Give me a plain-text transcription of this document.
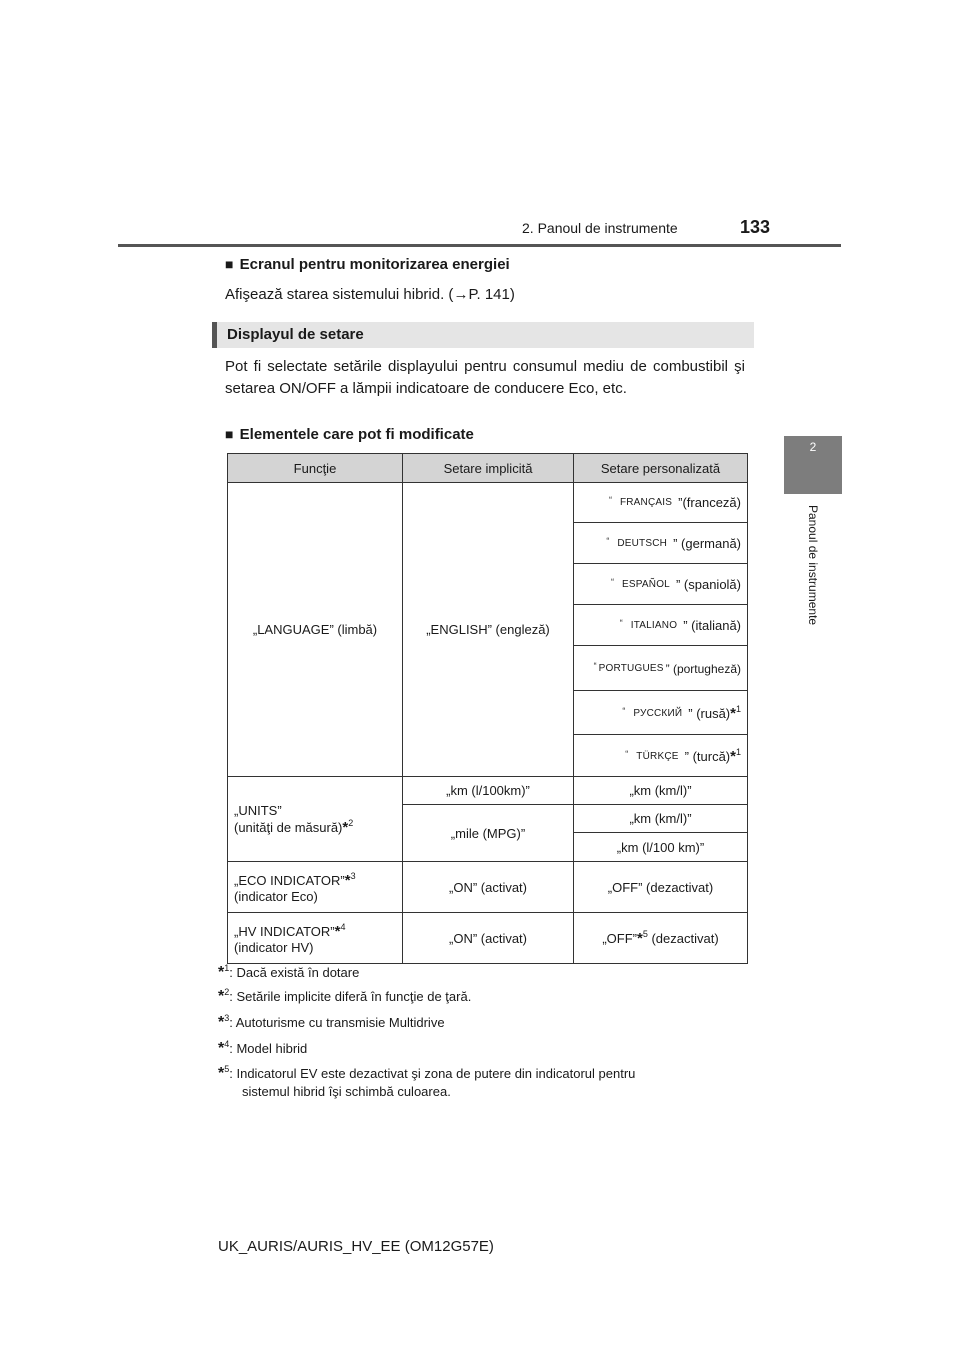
2. Panoul de instrumente	133
2
Panoul de instrumente
■ Ecranul pentru monitorizarea energiei
Afişează starea sistemului hibrid. (→P. 141)
Displayul de setare
Pot fi selectate setările displayului pentru consumul mediu de combustibil şi setarea ON/OFF a lămpii indicatoare de conducere Eco, etc.
■ Elementele care pot fi modificate
Funcţie	Setare implicită	Setare personalizată
„LANGUAGE” (limbă)	„ENGLISH” (engleză)	“ FRANÇAIS ”(franceză)
		“ DEUTSCH ” (germană)
		“ ESPAÑOL ” (spaniolă)
		“ ITALIANO ” (italiană)
		“ PORTUGUES ” (portugheză)
		“ РУССКИЙ ” (rusă)*$^1$
		“ TÜRKÇE ” (turcă)*$^1$
„UNITS”
(unităţi de măsură)*$^2$	„km (l/100km)”	„km (km/l)”
	„mile (MPG)”	„km (km/l)”
		„km (l/100 km)”
„ECO INDICATOR”*$^3$
(indicator Eco)	„ON” (activat)	„OFF” (dezactivat)
„HV INDICATOR”*$^4$
(indicator HV)	„ON” (activat)	„OFF”*$^5$ (dezactivat)
*$^1$: Dacă există în dotare
*$^2$: Setările implicite diferă în funcţie de ţară.
*$^3$: Autoturisme cu transmisie Multidrive
*$^4$: Model hibrid
*$^5$: Indicatorul EV este dezactivat şi zona de putere din indicatorul pentru
sistemul hibrid îşi schimbă culoarea.
UK_AURIS/AURIS_HV_EE (OM12G57E)
